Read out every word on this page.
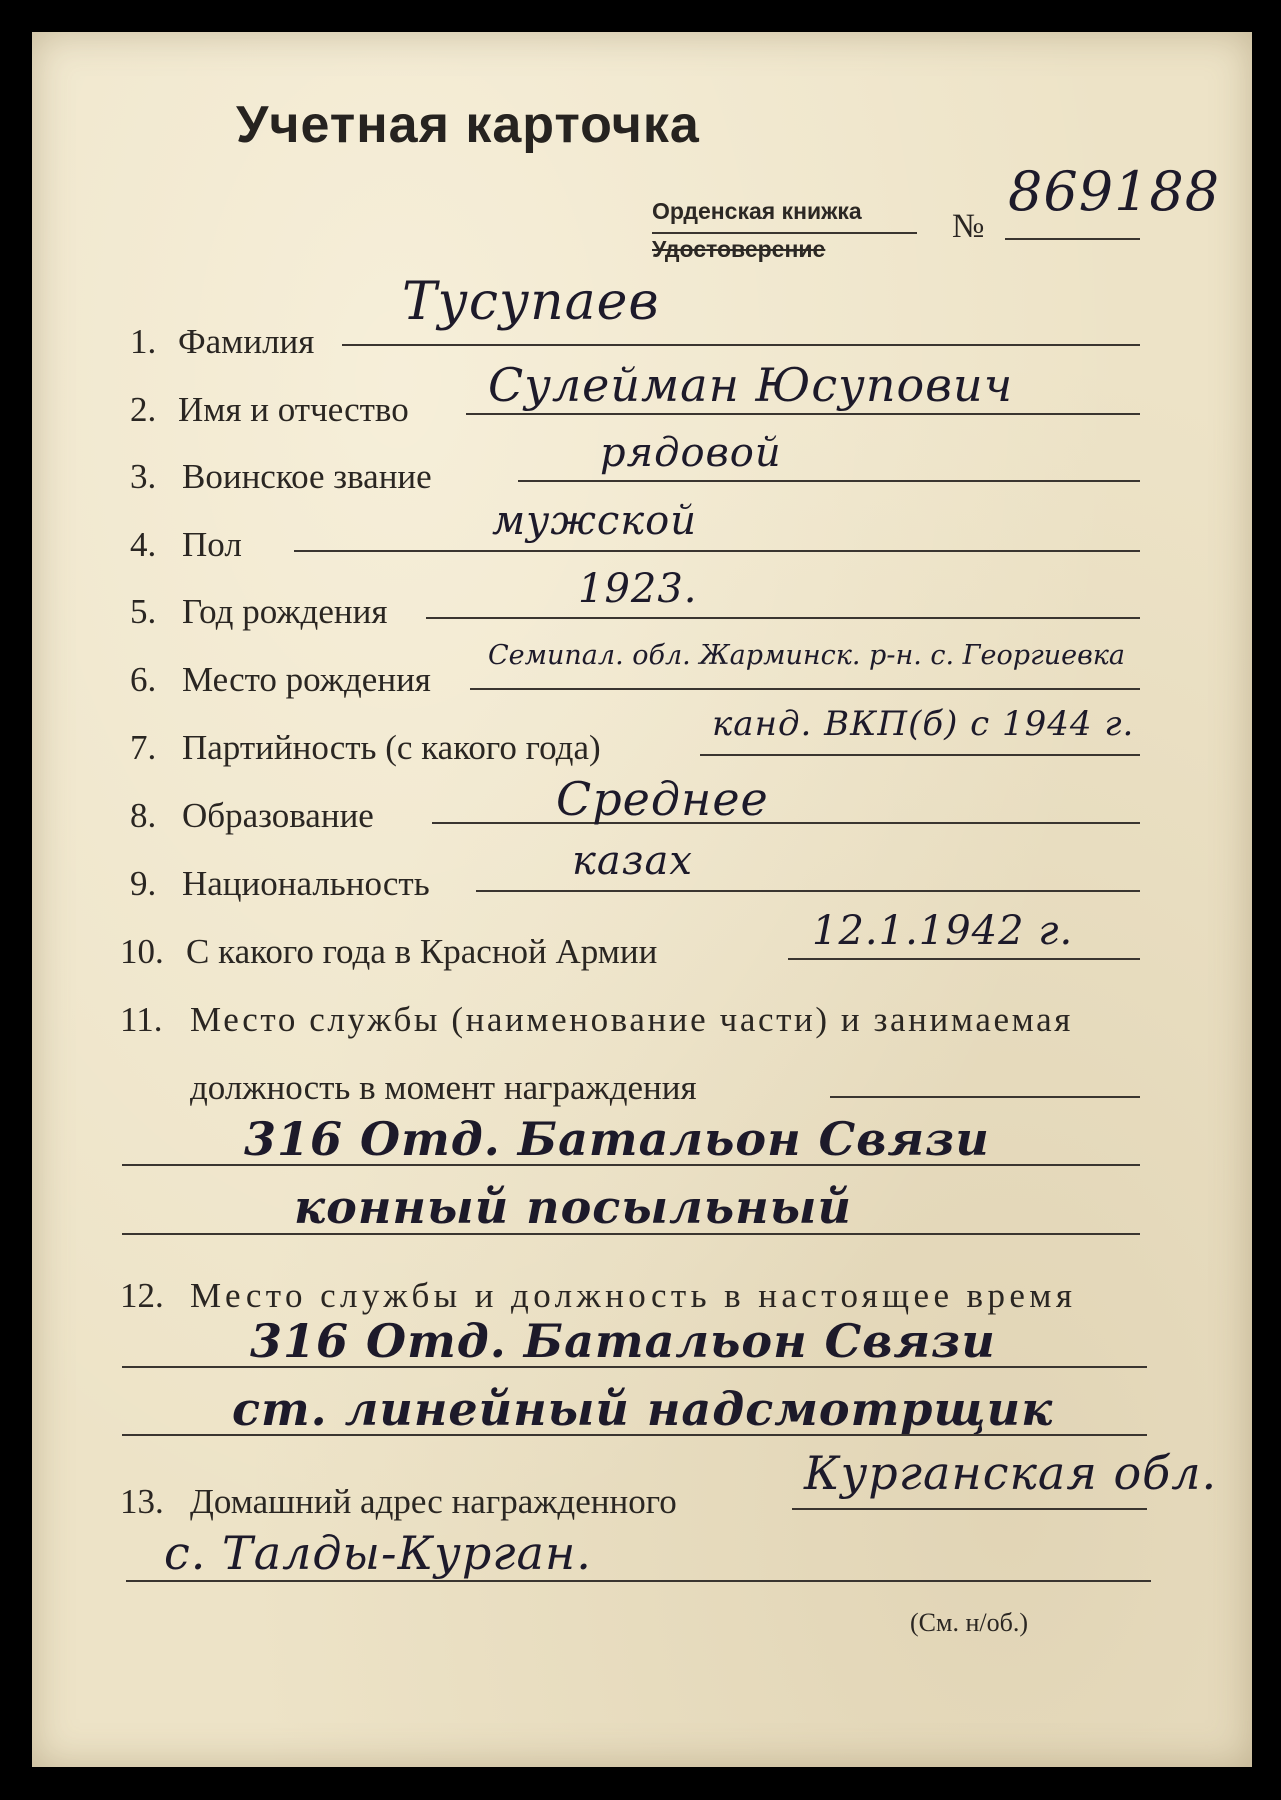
Учетная карточка
Орденская книжка
Удостоверение
№
869188
1. Фамилия
Тусупаев
2. Имя и отчество Сулейман Юсупович
3. Воинское звание
рядовой
4. Пол
мужской
5. Год рождения	1923.
6. Место рождения
Семипал. обл. Жарминск. р-н. с. Георгиевка
7. Партийность (с какого года)
канд. ВКП(б) с 1944 г.
8. Образование	Среднее
9. Национальность	казах
10. С какого года в Красной Армии	12.1.1942 г.
11. Место службы (наименование части) и занимаемая
должность в момент награждения
316 Отд. Батальон Связи
конный посыльный
12. Место службы и должность в настоящее время
316 Отд. Батальон Связи
ст. линейный надсмотрщик
13. Домашний адрес награжденного
Курганская обл.
с. Талды-Курган.
(См. н/об.)
